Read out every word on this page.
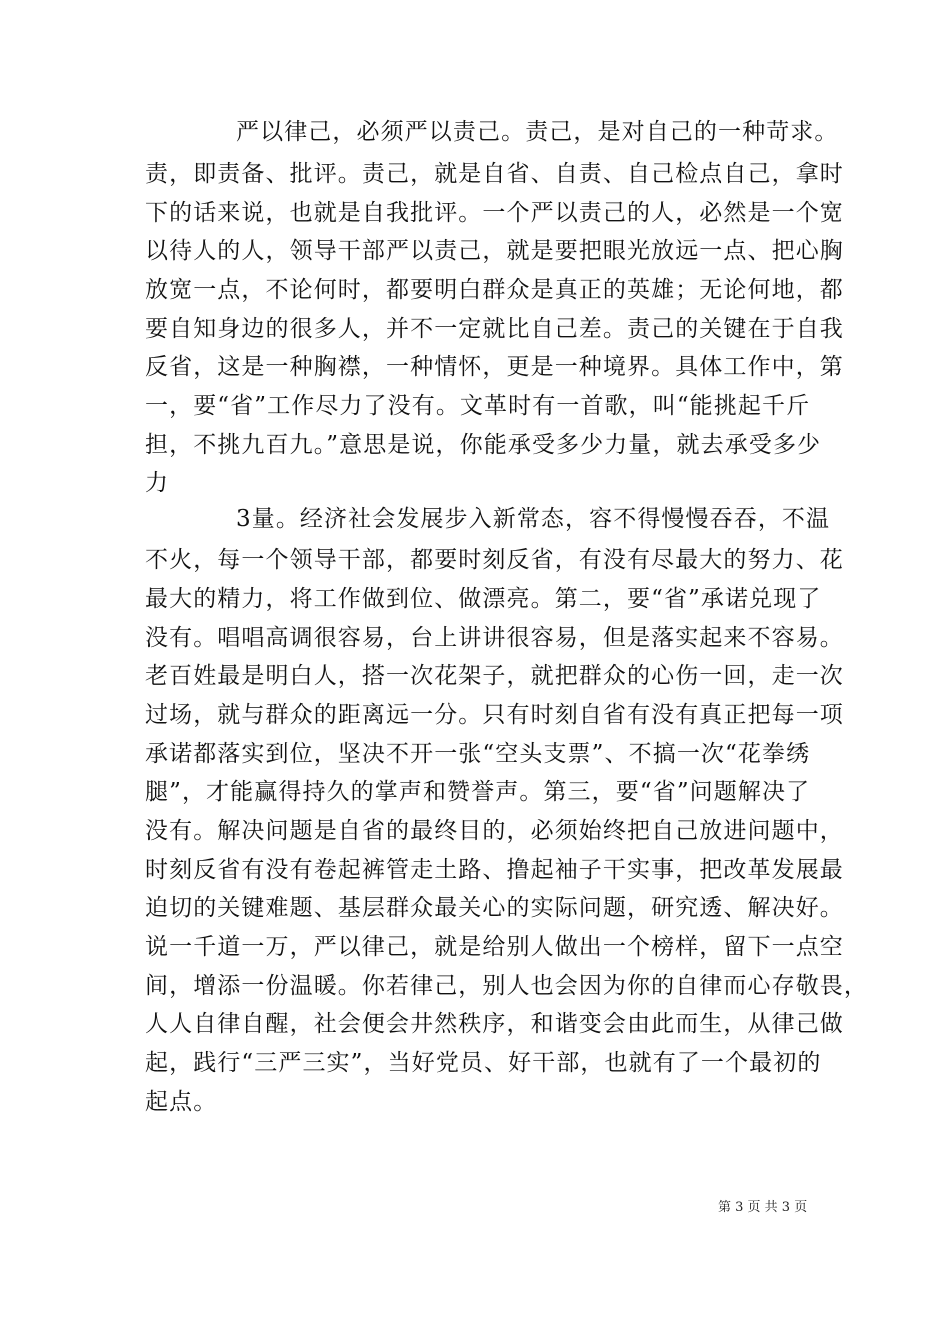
严以律己，必须严以责己。责己，是对自己的一种苛求。
责，即责备、批评。责己，就是自省、自责、自己检点自己，拿时
下的话来说，也就是自我批评。一个严以责己的人，必然是一个宽
以待人的人，领导干部严以责己，就是要把眼光放远一点、把心胸
放宽一点，不论何时，都要明白群众是真正的英雄；无论何地，都
要自知身边的很多人，并不一定就比自己差。责己的关键在于自我
反省，这是一种胸襟，一种情怀，更是一种境界。具体工作中，第
一，要“省”工作尽力了没有。文革时有一首歌，叫“能挑起千斤
担，不挑九百九。”意思是说，你能承受多少力量，就去承受多少
力
3量。经济社会发展步入新常态，容不得慢慢吞吞，不温
不火，每一个领导干部，都要时刻反省，有没有尽最大的努力、花
最大的精力，将工作做到位、做漂亮。第二，要“省”承诺兑现了
没有。唱唱高调很容易，台上讲讲很容易，但是落实起来不容易。
老百姓最是明白人，搭一次花架子，就把群众的心伤一回，走一次
过场，就与群众的距离远一分。只有时刻自省有没有真正把每一项
承诺都落实到位，坚决不开一张“空头支票”、不搞一次“花拳绣
腿”，才能赢得持久的掌声和赞誉声。第三，要“省”问题解决了
没有。解决问题是自省的最终目的，必须始终把自己放进问题中，
时刻反省有没有卷起裤管走土路、撸起袖子干实事，把改革发展最
迫切的关键难题、基层群众最关心的实际问题，研究透、解决好。
说一千道一万，严以律己，就是给别人做出一个榜样，留下一点空
间，增添一份温暖。你若律己，别人也会因为你的自律而心存敬畏，
人人自律自醒，社会便会井然秩序，和谐变会由此而生，从律己做
起，践行“三严三实”，当好党员、好干部，也就有了一个最初的
起点。
第 3 页 共 3 页
